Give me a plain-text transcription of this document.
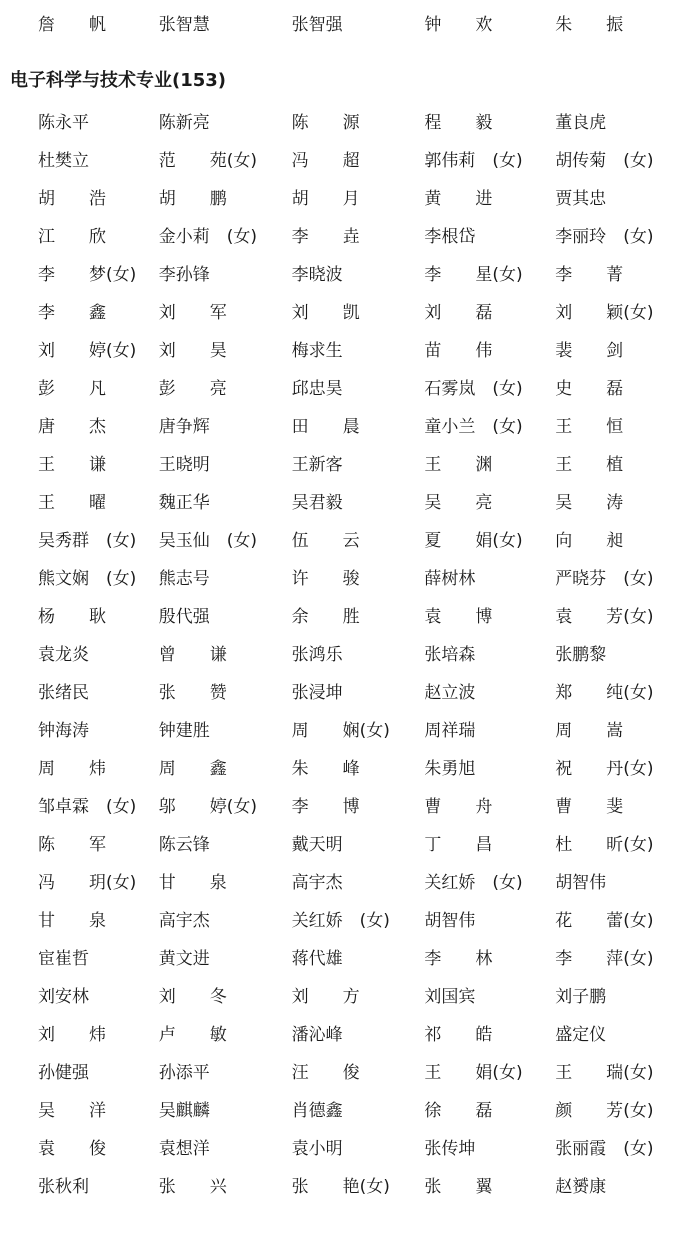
詹帆	张智慧	张智强	钟欢	朱振
电子科学与技术专业(153)
陈永平	陈新亮	陈源	程毅	董良虎
杜樊立	范苑(女)	冯超	郭伟莉 (女)	胡传菊 (女)
胡浩	胡鹏	胡月	黄进	贾其忠
江欣	金小莉 (女)	李垚	李根岱	李丽玲 (女)
李梦(女)	李孙锋	李晓波	李星(女)	李菁
李鑫	刘军	刘凯	刘磊	刘颖(女)
刘婷(女)	刘昊	梅求生	苗伟	裴剑
彭凡	彭亮	邱忠昊	石雾岚 (女)	史磊
唐杰	唐争辉	田晨	童小兰 (女)	王恒
王谦	王晓明	王新客	王渊	王植
王曜	魏正华	吴君毅	吴亮	吴涛
吴秀群 (女)	吴玉仙 (女)	伍云	夏娟(女)	向昶
熊文娴 (女)	熊志号	许骏	薛树林	严晓芬 (女)
杨耿	殷代强	余胜	袁博	袁芳(女)
袁龙炎	曾谦	张鸿乐	张培森	张鹏黎
张绪民	张赞	张浸坤	赵立波	郑纯(女)
钟海涛	钟建胜	周娴(女)	周祥瑞	周嵩
周炜	周鑫	朱峰	朱勇旭	祝丹(女)
邹卓霖 (女)	邬婷(女)	李博	曹舟	曹斐
陈军	陈云锋	戴天明	丁昌	杜昕(女)
冯玥(女)	甘泉	高宇杰	关红娇 (女)	胡智伟
甘泉	高宇杰	关红娇 (女)	胡智伟	花蕾(女)
宦崔哲	黄文进	蒋代雄	李林	李萍(女)
刘安林	刘冬	刘方	刘国宾	刘子鹏
刘炜	卢敏	潘沁峰	祁皓	盛定仪
孙健强	孙添平	汪俊	王娟(女)	王瑞(女)
吴洋	吴麒麟	肖德鑫	徐磊	颜芳(女)
袁俊	袁想洋	袁小明	张传坤	张丽霞 (女)
张秋利	张兴	张艳(女)	张翼	赵赟康
